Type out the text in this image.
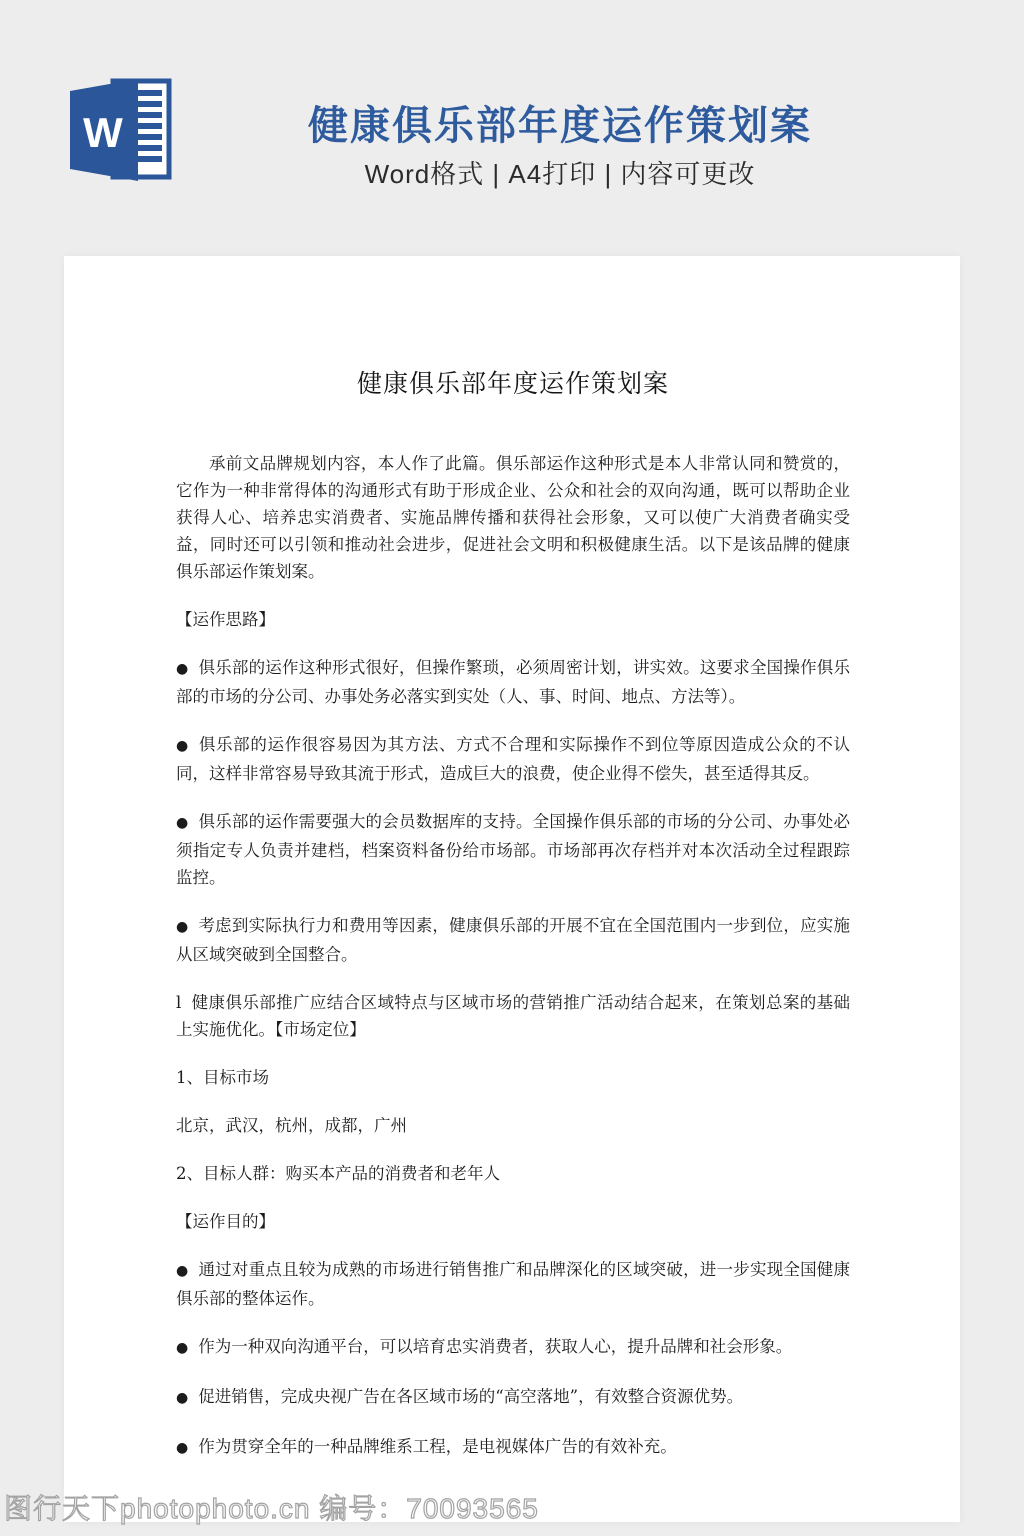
W	健康俱乐部年度运作策划案
Word格式 | A4打印 | 内容可更改
健康俱乐部年度运作策划案

承前文品牌规划内容，本人作了此篇。俱乐部运作这种形式是本人非常认同和赞赏的，它作为一种非常得体的沟通形式有助于形成企业、公众和社会的双向沟通，既可以帮助企业获得人心、培养忠实消费者、实施品牌传播和获得社会形象，又可以使广大消费者确实受益，同时还可以引领和推动社会进步，促进社会文明和积极健康生活。以下是该品牌的健康俱乐部运作策划案。

【运作思路】

● 俱乐部的运作这种形式很好，但操作繁琐，必须周密计划，讲实效。这要求全国操作俱乐部的市场的分公司、办事处务必落实到实处（人、事、时间、地点、方法等）。

● 俱乐部的运作很容易因为其方法、方式不合理和实际操作不到位等原因造成公众的不认同，这样非常容易导致其流于形式，造成巨大的浪费，使企业得不偿失，甚至适得其反。

● 俱乐部的运作需要强大的会员数据库的支持。全国操作俱乐部的市场的分公司、办事处必须指定专人负责并建档，档案资料备份给市场部。市场部再次存档并对本次活动全过程跟踪监控。

● 考虑到实际执行力和费用等因素，健康俱乐部的开展不宜在全国范围内一步到位，应实施从区域突破到全国整合。

l 健康俱乐部推广应结合区域特点与区域市场的营销推广活动结合起来，在策划总案的基础上实施优化。【市场定位】

1、目标市场

北京，武汉，杭州，成都，广州

2、目标人群：购买本产品的消费者和老年人

【运作目的】

● 通过对重点且较为成熟的市场进行销售推广和品牌深化的区域突破，进一步实现全国健康俱乐部的整体运作。

● 作为一种双向沟通平台，可以培育忠实消费者，获取人心，提升品牌和社会形象。

● 促进销售，完成央视广告在各区域市场的“高空落地”，有效整合资源优势。

● 作为贯穿全年的一种品牌维系工程，是电视媒体广告的有效补充。

图行天下photophoto.cn 编号：70093565
